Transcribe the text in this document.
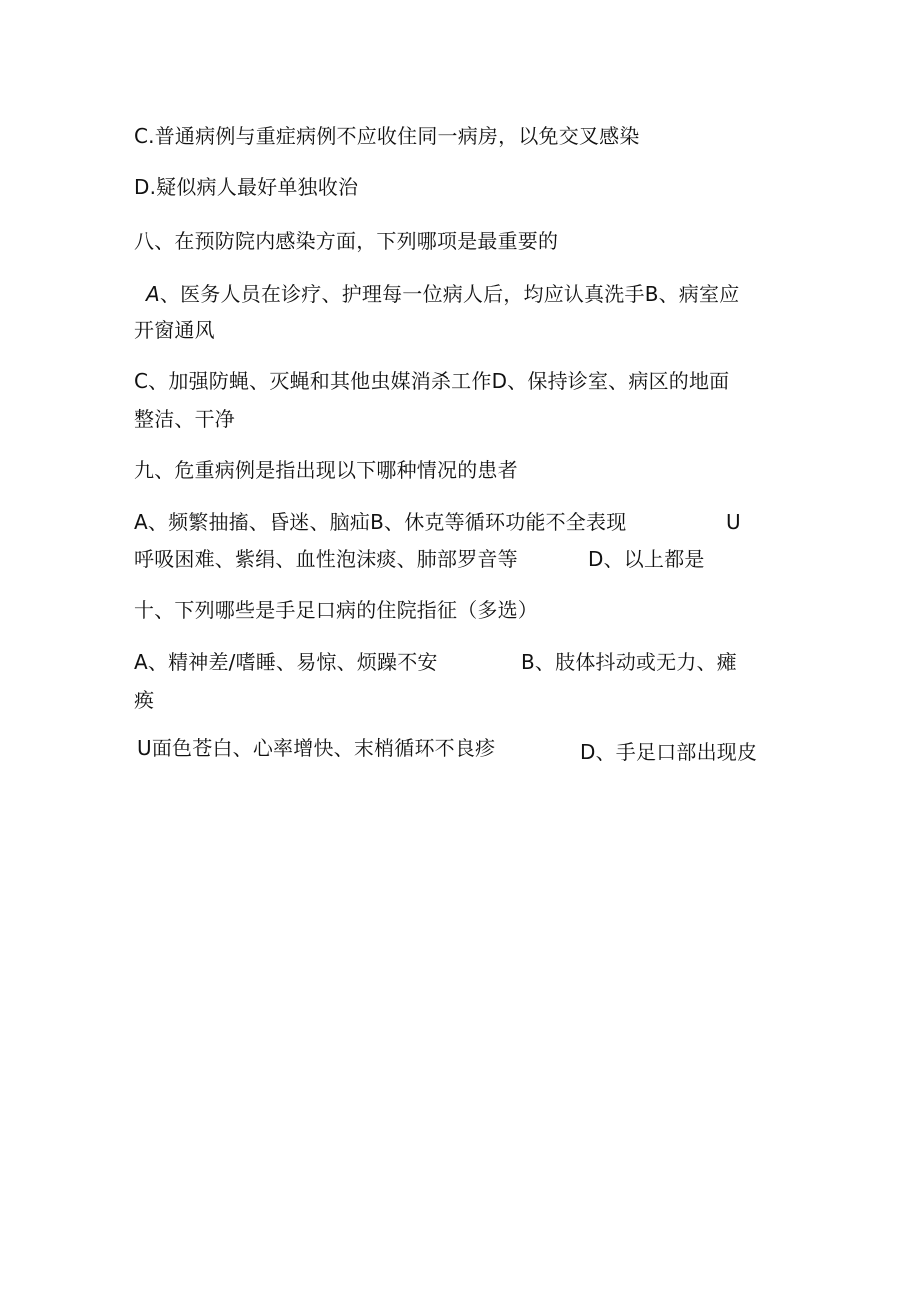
C.普通病例与重症病例不应收住同一病房，以免交叉感染
D.疑似病人最好单独收治
八、在预防院内感染方面，下列哪项是最重要的
A、医务人员在诊疗、护理每一位病人后，均应认真洗手B、病室应
开窗通风
C、加强防蝇、灭蝇和其他虫媒消杀工作D、保持诊室、病区的地面
整洁、干净
九、危重病例是指出现以下哪种情况的患者
A、频繁抽搐、昏迷、脑疝B、休克等循环功能不全表现	U
呼吸困难、紫绢、血性泡沫痰、肺部罗音等	D、以上都是
十、下列哪些是手足口病的住院指征（多选）
A、精神差/嗜睡、易惊、烦躁不安	B、肢体抖动或无力、瘫
痪
U面色苍白、心率增快、末梢循环不良疹	D、手足口部出现皮
